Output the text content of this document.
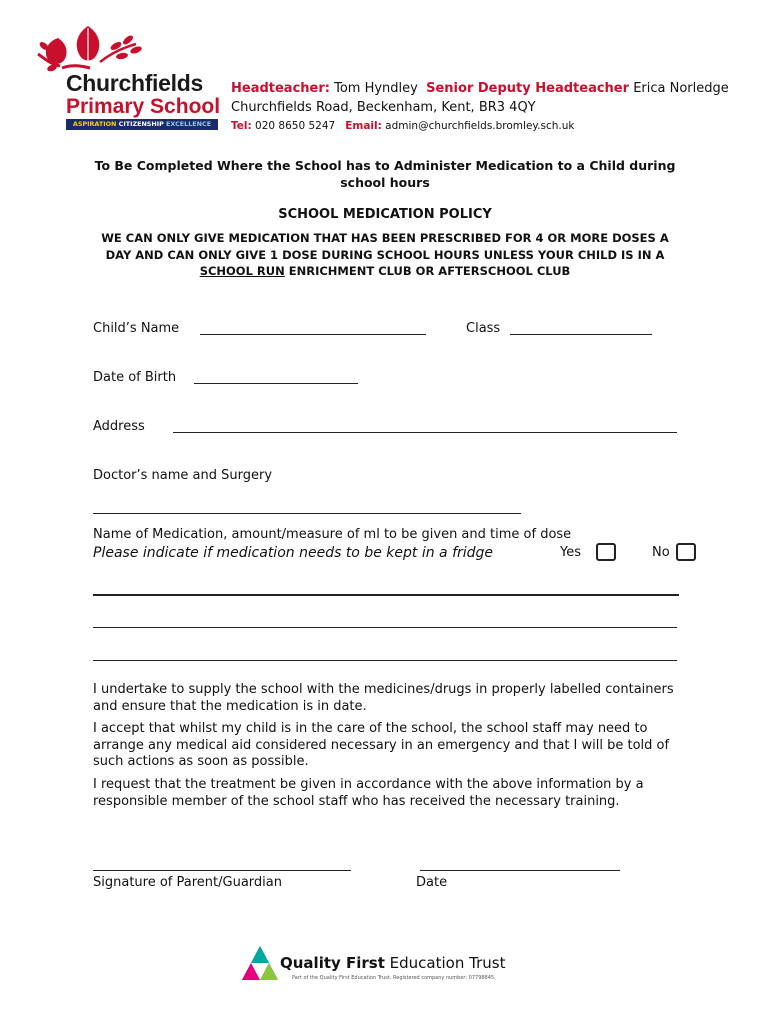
Churchfields
Primary School
ASPIRATION CITIZENSHIP EXCELLENCE
Headteacher: Tom Hyndley Senior Deputy Headteacher Erica Norledge
Churchfields Road, Beckenham, Kent, BR3 4QY
Tel: 020 8650 5247 Email: admin@churchfields.bromley.sch.uk
To Be Completed Where the School has to Administer Medication to a Child during school hours
SCHOOL MEDICATION POLICY
WE CAN ONLY GIVE MEDICATION THAT HAS BEEN PRESCRIBED FOR 4 OR MORE DOSES A DAY AND CAN ONLY GIVE 1 DOSE DURING SCHOOL HOURS UNLESS YOUR CHILD IS IN A SCHOOL RUN ENRICHMENT CLUB OR AFTERSCHOOL CLUB
Child’s Name	Class
Date of Birth
Address
Doctor’s name and Surgery
Name of Medication, amount/measure of ml to be given and time of dose
Please indicate if medication needs to be kept in a fridge	Yes	No
I undertake to supply the school with the medicines/drugs in properly labelled containers and ensure that the medication is in date.
I accept that whilst my child is in the care of the school, the school staff may need to arrange any medical aid considered necessary in an emergency and that I will be told of such actions as soon as possible.
I request that the treatment be given in accordance with the above information by a responsible member of the school staff who has received the necessary training.
Signature of Parent/Guardian	Date
Quality First Education Trust
Part of the Quality First Education Trust. Registered company number: 07798845.
